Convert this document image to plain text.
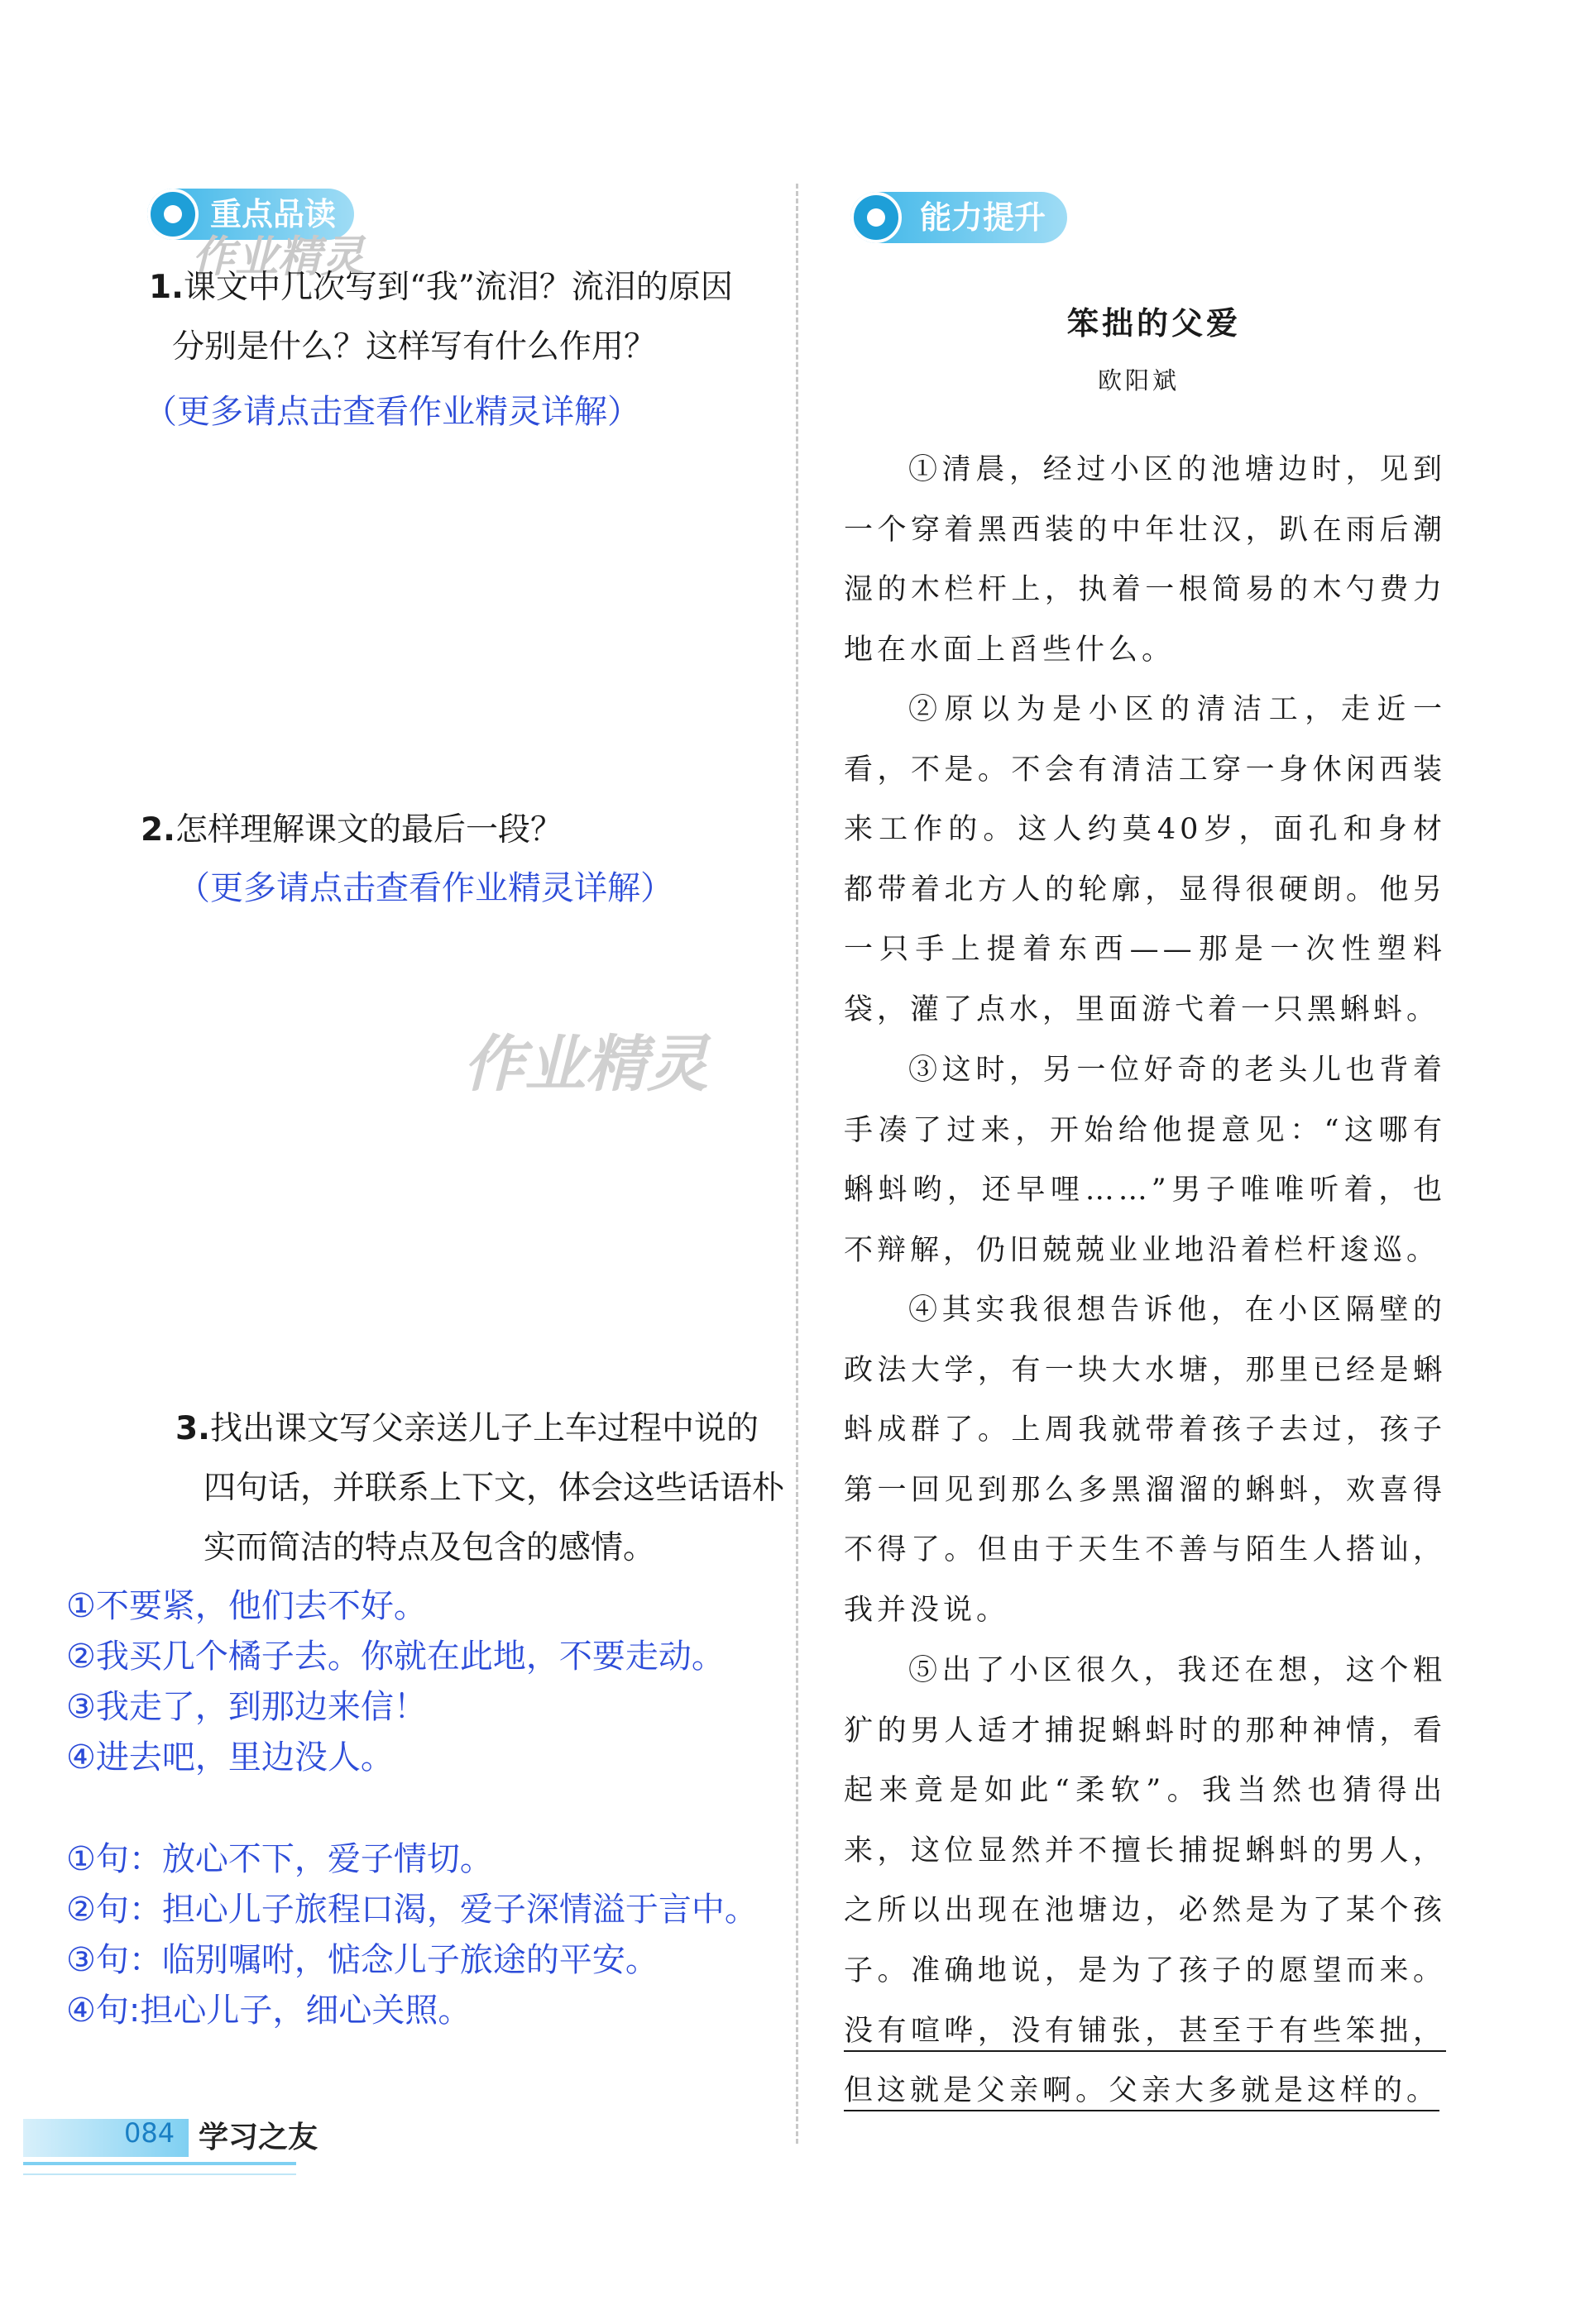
重点品读
作业精灵
1.课文中几次写到“我”流泪？流泪的原因
分别是什么？这样写有什么作用？
（更多请点击查看作业精灵详解）
2.怎样理解课文的最后一段？
（更多请点击查看作业精灵详解）
作业精灵
3.找出课文写父亲送儿子上车过程中说的
四句话，并联系上下文，体会这些话语朴
实而简洁的特点及包含的感情。
①不要紧，他们去不好。
②我买几个橘子去。你就在此地，不要走动。
③我走了，到那边来信！
④进去吧，里边没人。
①句：放心不下，爱子情切。
②句：担心儿子旅程口渴，爱子深情溢于言中。
③句：临别嘱咐，惦念儿子旅途的平安。
④句:担心儿子，细心关照。
能力提升
笨拙的父爱
欧阳斌
①清晨，经过小区的池塘边时，见到一个穿着黑西装的中年壮汉，趴在雨后潮湿的木栏杆上，执着一根简易的木勺费力地在水面上舀些什么。
②原以为是小区的清洁工，走近一看，不是。不会有清洁工穿一身休闲西装来工作的。这人约莫40岁，面孔和身材都带着北方人的轮廓，显得很硬朗。他另一只手上提着东西——那是一次性塑料袋，灌了点水，里面游弋着一只黑蝌蚪。
③这时，另一位好奇的老头儿也背着手凑了过来，开始给他提意见：“这哪有蝌蚪哟，还早哩……”男子唯唯听着，也不辩解，仍旧兢兢业业地沿着栏杆逡巡。
④其实我很想告诉他，在小区隔壁的政法大学，有一块大水塘，那里已经是蝌蚪成群了。上周我就带着孩子去过，孩子第一回见到那么多黑溜溜的蝌蚪，欢喜得不得了。但由于天生不善与陌生人搭讪，我并没说。
⑤出了小区很久，我还在想，这个粗犷的男人适才捕捉蝌蚪时的那种神情，看起来竟是如此“柔软”。我当然也猜得出来，这位显然并不擅长捕捉蝌蚪的男人，之所以出现在池塘边，必然是为了某个孩子。准确地说，是为了孩子的愿望而来。没有喧哗，没有铺张，甚至于有些笨拙，但这就是父亲啊。父亲大多就是这样的。
084 学习之友
